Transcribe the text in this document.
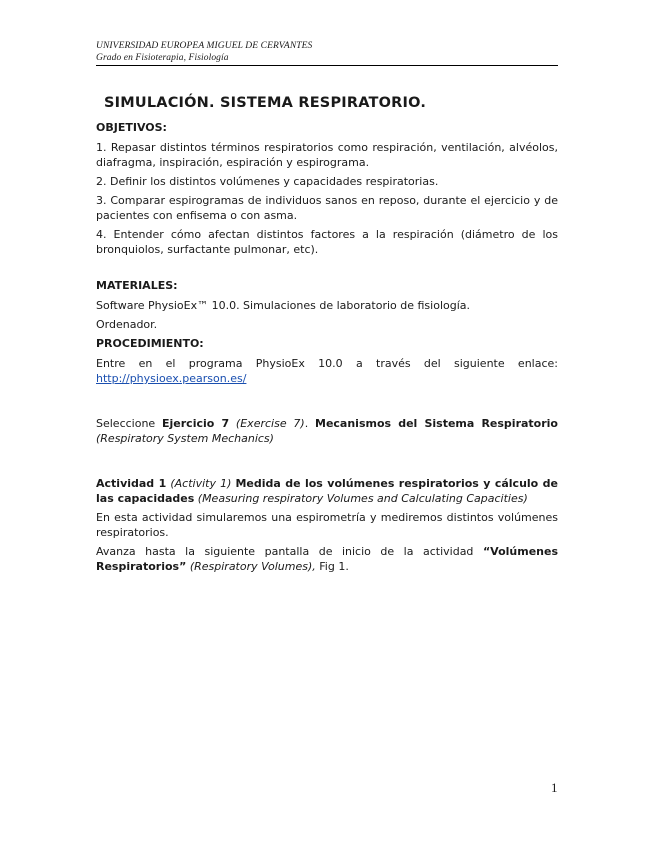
UNIVERSIDAD EUROPEA MIGUEL DE CERVANTES
Grado en Fisioterapia, Fisiología
SIMULACIÓN. SISTEMA RESPIRATORIO.
OBJETIVOS:

1. Repasar distintos términos respiratorios como respiración, ventilación, alvéolos, diafragma, inspiración, espiración y espirograma.

2. Definir los distintos volúmenes y capacidades respiratorias.

3. Comparar espirogramas de individuos sanos en reposo, durante el ejercicio y de pacientes con enfisema o con asma.

4. Entender cómo afectan distintos factores a la respiración (diámetro de los bronquiolos, surfactante pulmonar, etc).

MATERIALES:

Software PhysioEx™ 10.0. Simulaciones de laboratorio de fisiología.

Ordenador.

PROCEDIMIENTO:

Entre en el programa PhysioEx 10.0 a través del siguiente enlace:

http://physioex.pearson.es/

Seleccione Ejercicio 7 (Exercise 7). Mecanismos del Sistema Respiratorio (Respiratory System Mechanics)

Actividad 1 (Activity 1) Medida de los volúmenes respiratorios y cálculo de las capacidades (Measuring respiratory Volumes and Calculating Capacities)

En esta actividad simularemos una espirometría y mediremos distintos volúmenes respiratorios.

Avanza hasta la siguiente pantalla de inicio de la actividad “Volúmenes Respiratorios” (Respiratory Volumes), Fig 1.

1
